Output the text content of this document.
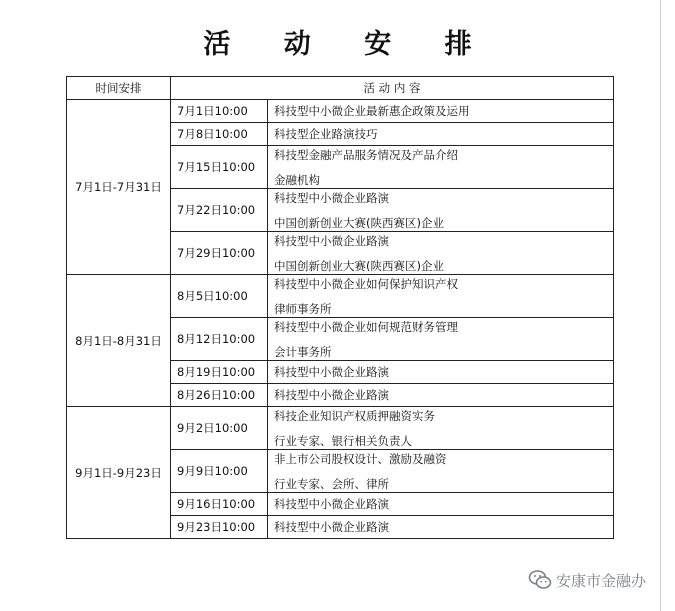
活 动 安 排
时间安排	活 动 内 容	
7月1日-7月31日	7月1日10:00	科技型中小微企业最新惠企政策及运用

	7月8日10:00	科技型企业路演技巧

	7月15日10:00	科技型金融产品服务情况及产品介绍
金融机构

	7月22日10:00	科技型中小微企业路演
中国创新创业大赛(陕西赛区)企业

	7月29日10:00	科技型中小微企业路演
中国创新创业大赛(陕西赛区)企业

8月1日-8月31日	8月5日10:00	科技型中小微企业如何保护知识产权
律师事务所

	8月12日10:00	科技型中小微企业如何规范财务管理
会计事务所

	8月19日10:00	科技型中小微企业路演

	8月26日10:00	科技型中小微企业路演

9月1日-9月23日	9月2日10:00	科技企业知识产权质押融资实务
行业专家、银行相关负责人

	9月9日10:00	非上市公司股权设计、激励及融资
行业专家、会所、律所

	9月16日10:00	科技型中小微企业路演

	9月23日10:00	科技型中小微企业路演
安康市金融办
